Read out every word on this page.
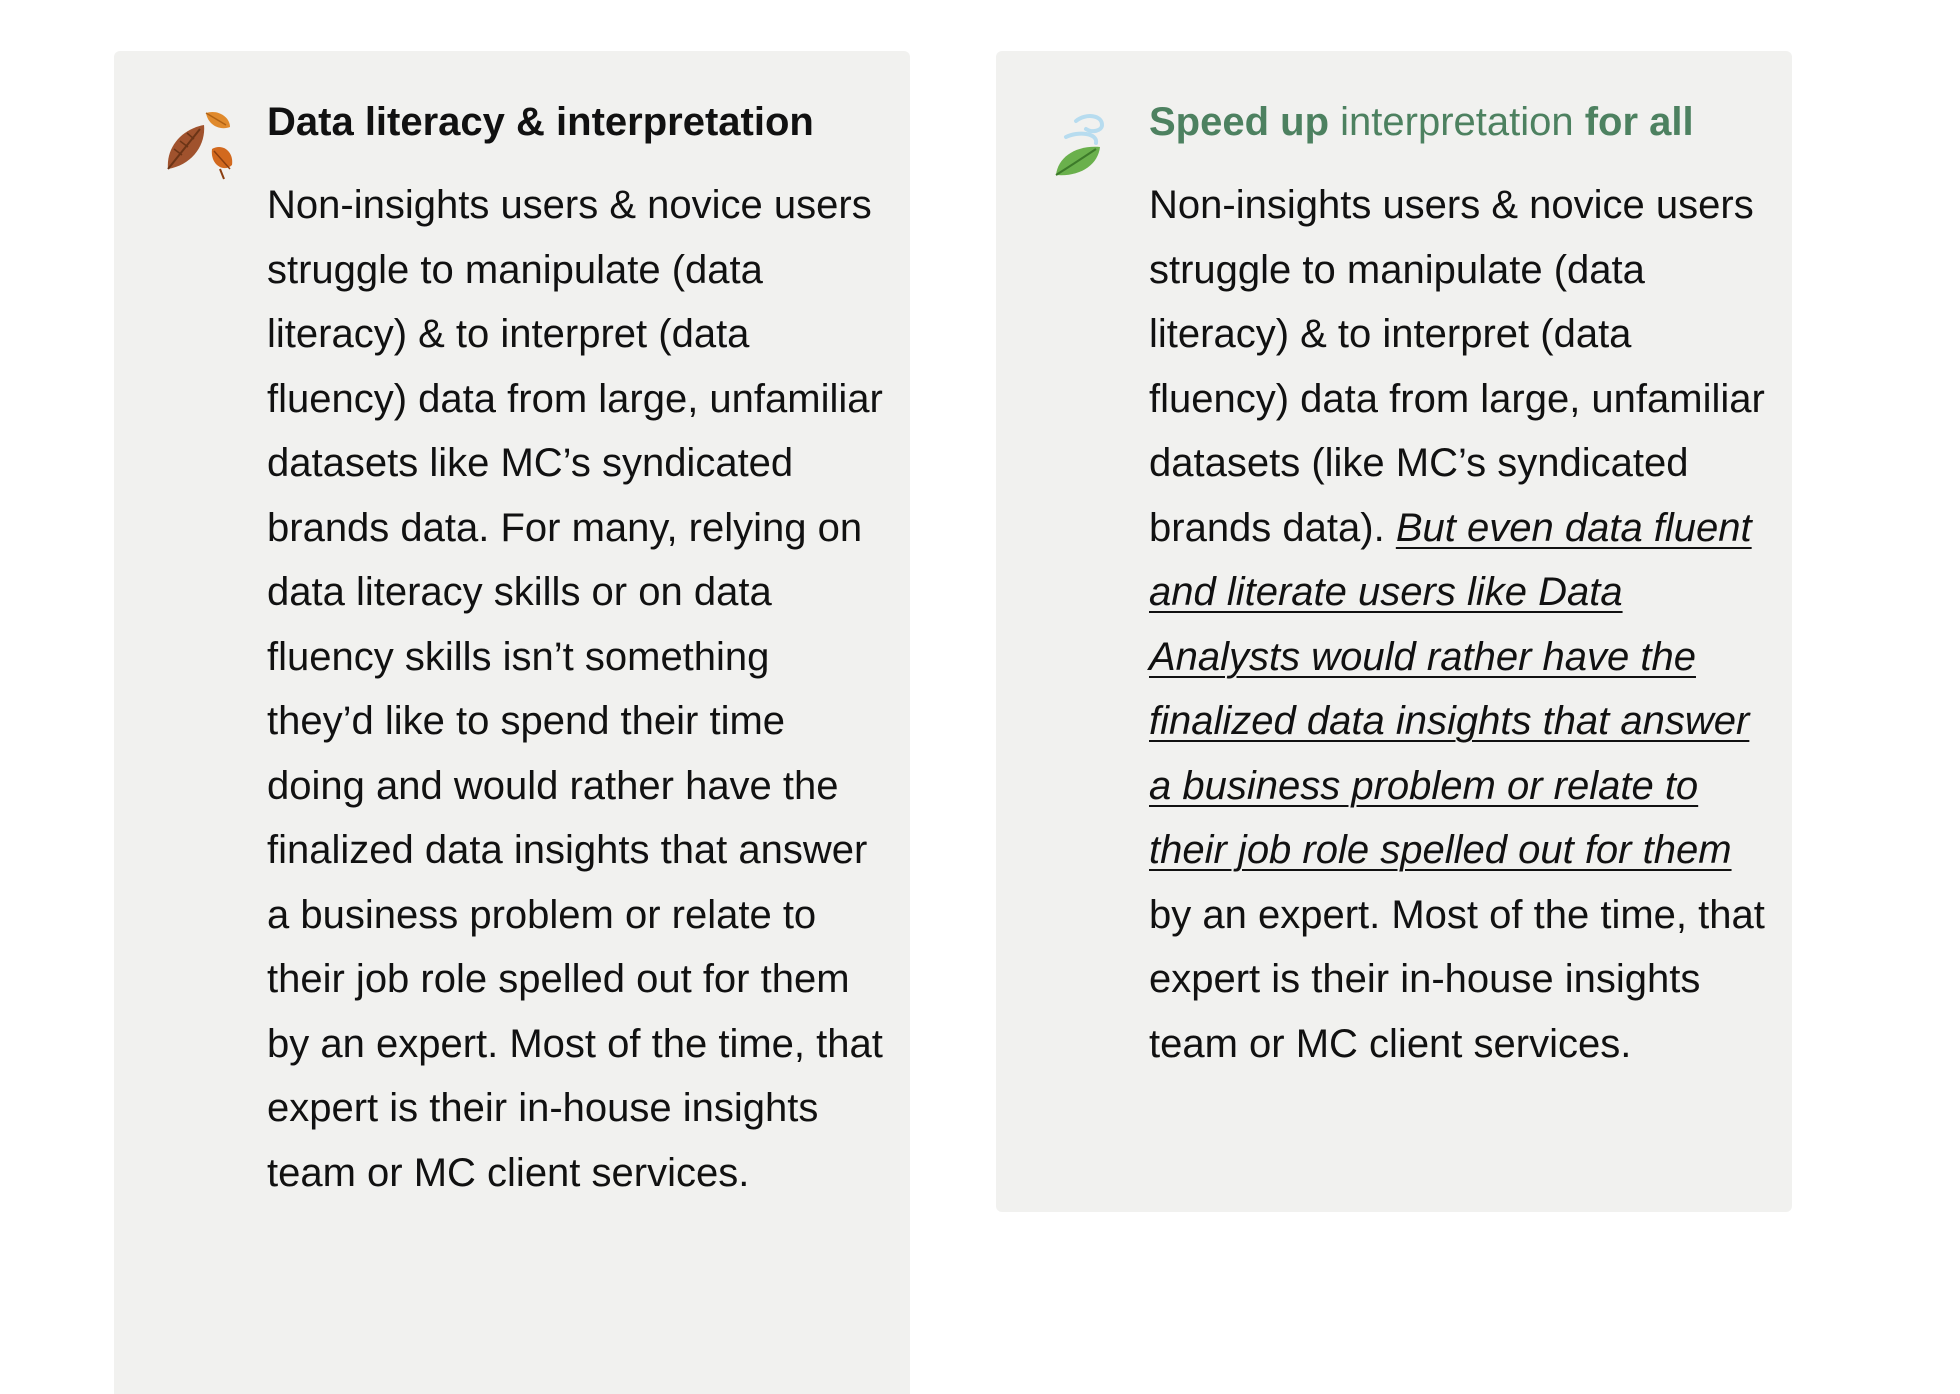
Data literacy & interpretation

Non-insights users & novice users struggle to manipulate (data literacy) & to interpret (data fluency) data from large, unfamiliar datasets like MC’s syndicated brands data. For many, relying on data literacy skills or on data fluency skills isn’t something they’d like to spend their time doing and would rather have the finalized data insights that answer a business problem or relate to their job role spelled out for them by an expert. Most of the time, that expert is their in-house insights team or MC client services.

Speed up interpretation for all

Non-insights users & novice users struggle to manipulate (data literacy) & to interpret (data fluency) data from large, unfamiliar datasets (like MC’s syndicated brands data). But even data fluent and literate users like Data Analysts would rather have the finalized data insights that answer a business problem or relate to their job role spelled out for them by an expert. Most of the time, that expert is their in-house insights team or MC client services.
